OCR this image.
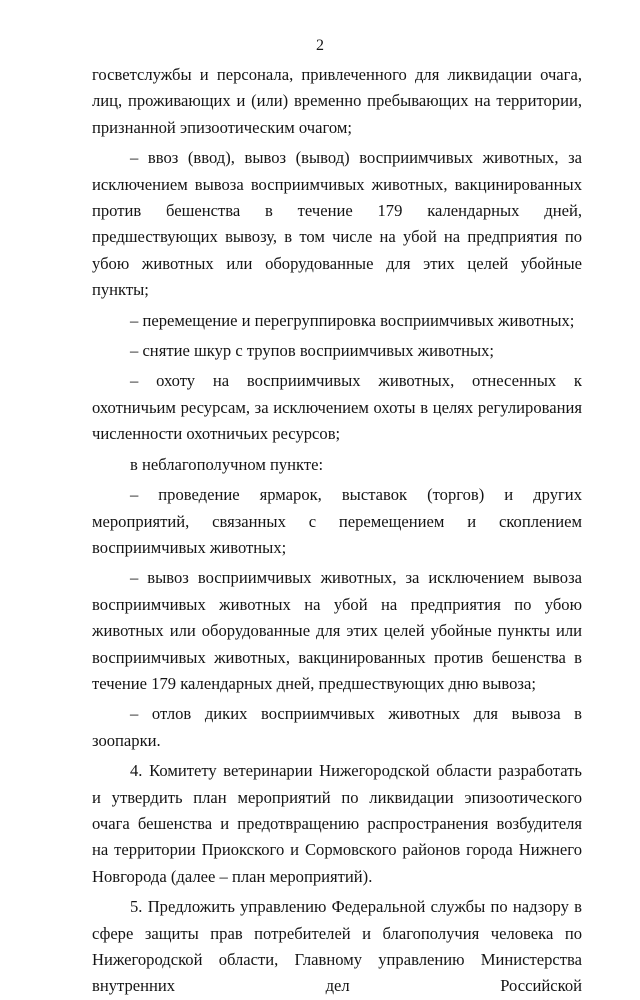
2

госветслужбы и персонала, привлеченного для ликвидации очага, лиц, проживающих и (или) временно пребывающих на территории, признанной эпизоотическим очагом;

– ввоз (ввод), вывоз (вывод) восприимчивых животных, за исключением вывоза восприимчивых животных, вакцинированных против бешенства в течение 179 календарных дней, предшествующих вывозу, в том числе на убой на предприятия по убою животных или оборудованные для этих целей убойные пункты;

– перемещение и перегруппировка восприимчивых животных;

– снятие шкур с трупов восприимчивых животных;

– охоту на восприимчивых животных, отнесенных к охотничьим ресурсам, за исключением охоты в целях регулирования численности охотничьих ресурсов;

в неблагополучном пункте:

– проведение ярмарок, выставок (торгов) и других мероприятий, связанных с перемещением и скоплением восприимчивых животных;

– вывоз восприимчивых животных, за исключением вывоза восприимчивых животных на убой на предприятия по убою животных или оборудованные для этих целей убойные пункты или восприимчивых животных, вакцинированных против бешенства в течение 179 календарных дней, предшествующих дню вывоза;

– отлов диких восприимчивых животных для вывоза в зоопарки.

4. Комитету ветеринарии Нижегородской области разработать и утвердить план мероприятий по ликвидации эпизоотического очага бешенства и предотвращению распространения возбудителя на территории Приокского и Сормовского районов города Нижнего Новгорода (далее – план мероприятий).

5. Предложить управлению Федеральной службы по надзору в сфере защиты прав потребителей и благополучия человека по Нижегородской области, Главному управлению Министерства внутренних дел Российской
